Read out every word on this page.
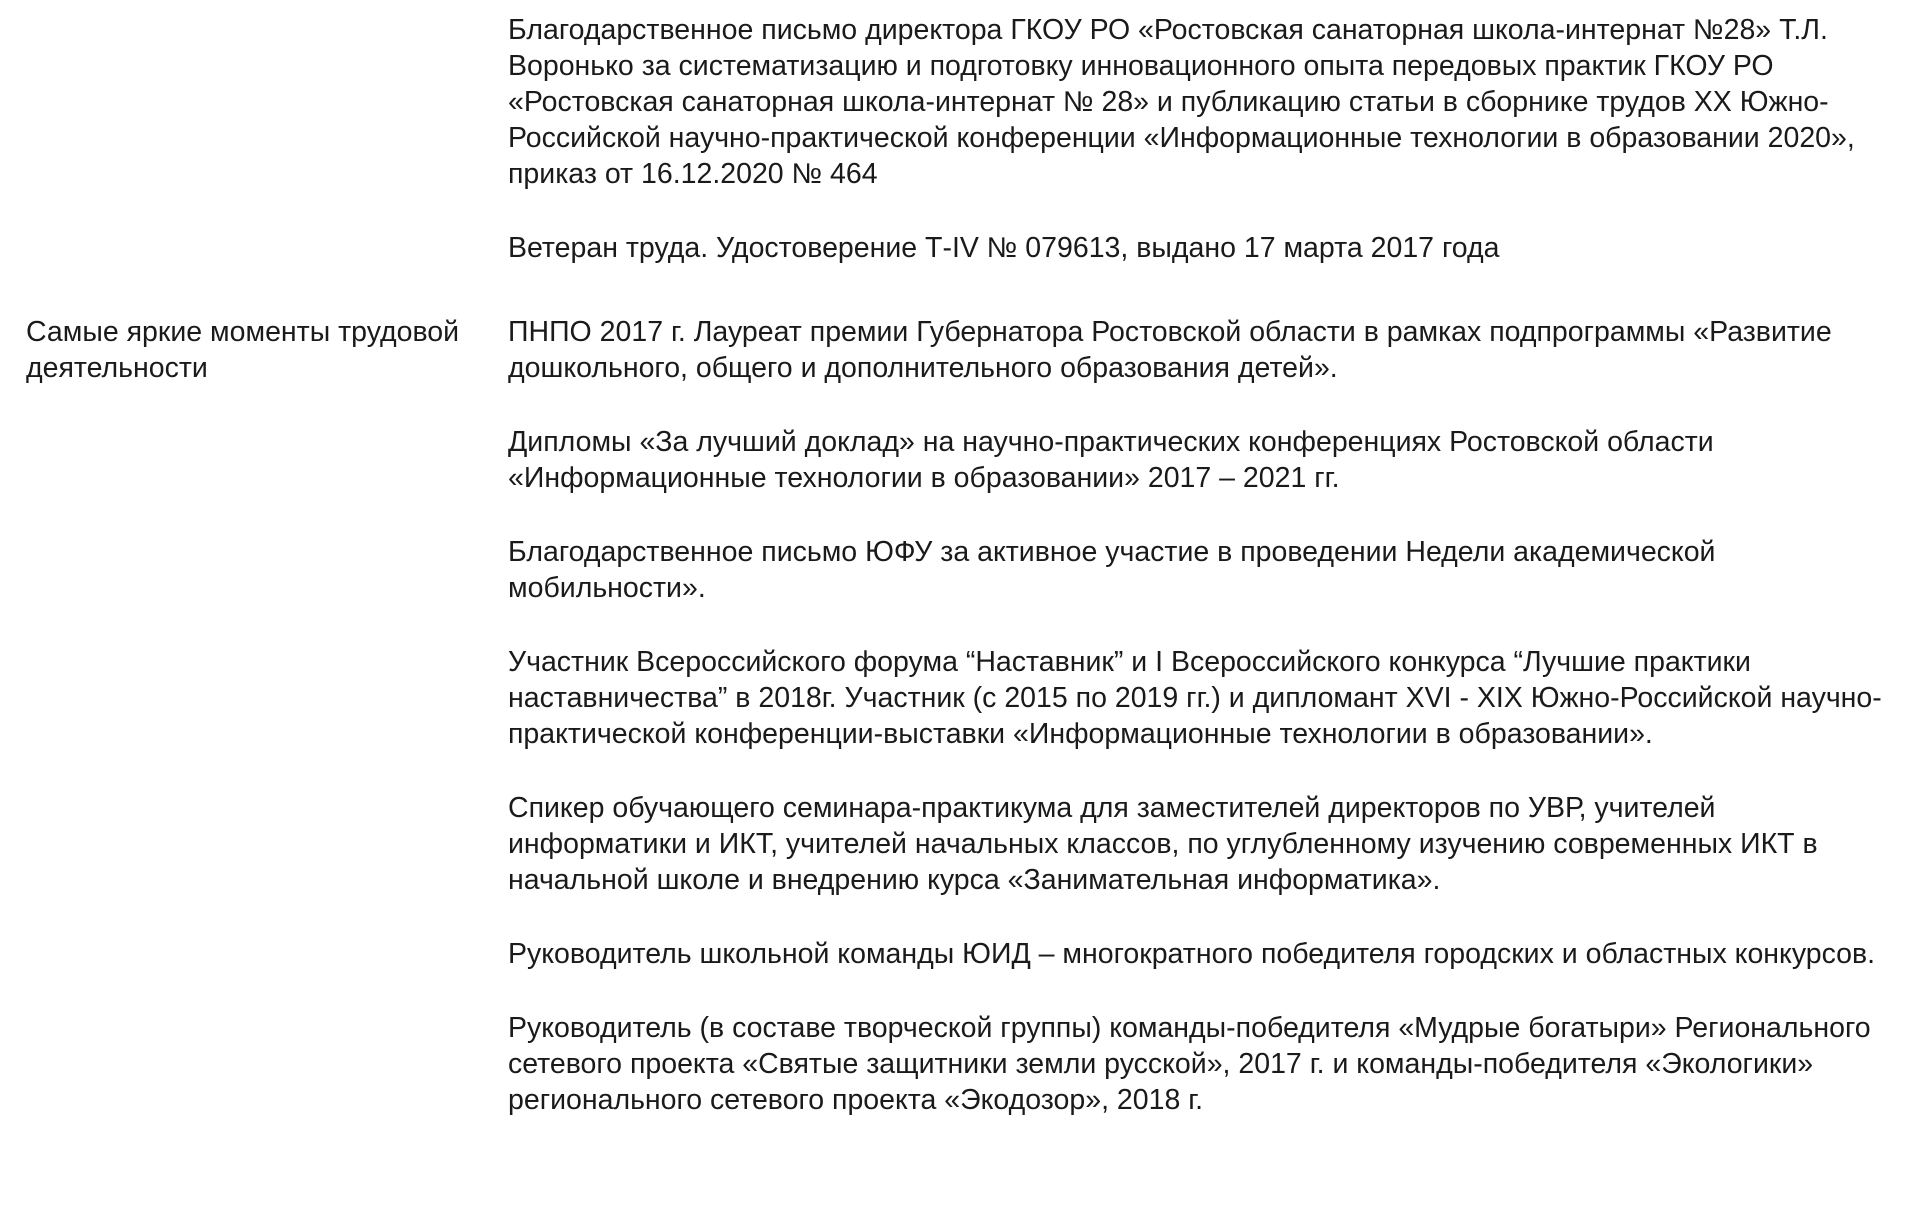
Благодарственное письмо директора ГКОУ РО «Ростовская санаторная школа-интернат №28» Т.Л. Воронько за систематизацию и подготовку инновационного опыта передовых практик ГКОУ РО «Ростовская санаторная школа-интернат № 28» и публикацию статьи в сборнике трудов XX Южно-Российской научно-практической конференции «Информационные технологии в образовании 2020», приказ от 16.12.2020 № 464

Ветеран труда. Удостоверение Т-IV № 079613, выдано 17 марта 2017 года

Самые яркие моменты трудовой деятельности

ПНПО 2017 г. Лауреат премии Губернатора Ростовской области в рамках подпрограммы «Развитие дошкольного, общего и дополнительного образования детей».

Дипломы «За лучший доклад» на научно-практических конференциях Ростовской области «Информационные технологии в образовании» 2017 – 2021 гг.

Благодарственное письмо ЮФУ за активное участие в проведении Недели академической мобильности».

Участник Всероссийского форума “Наставник” и I Всероссийского конкурса “Лучшие практики наставничества” в 2018г. Участник (с 2015 по 2019 гг.) и дипломант XVI - XIX Южно-Российской научно-практической конференции-выставки «Информационные технологии в образовании».

Спикер обучающего семинара-практикума для заместителей директоров по УВР, учителей информатики и ИКТ, учителей начальных классов, по углубленному изучению современных ИКТ в начальной школе и внедрению курса «Занимательная информатика».

Руководитель школьной команды ЮИД – многократного победителя городских и областных конкурсов.

Руководитель (в составе творческой группы) команды-победителя «Мудрые богатыри» Регионального сетевого проекта «Святые защитники земли русской», 2017 г. и команды-победителя «Экологики» регионального сетевого проекта «Экодозор», 2018 г.
